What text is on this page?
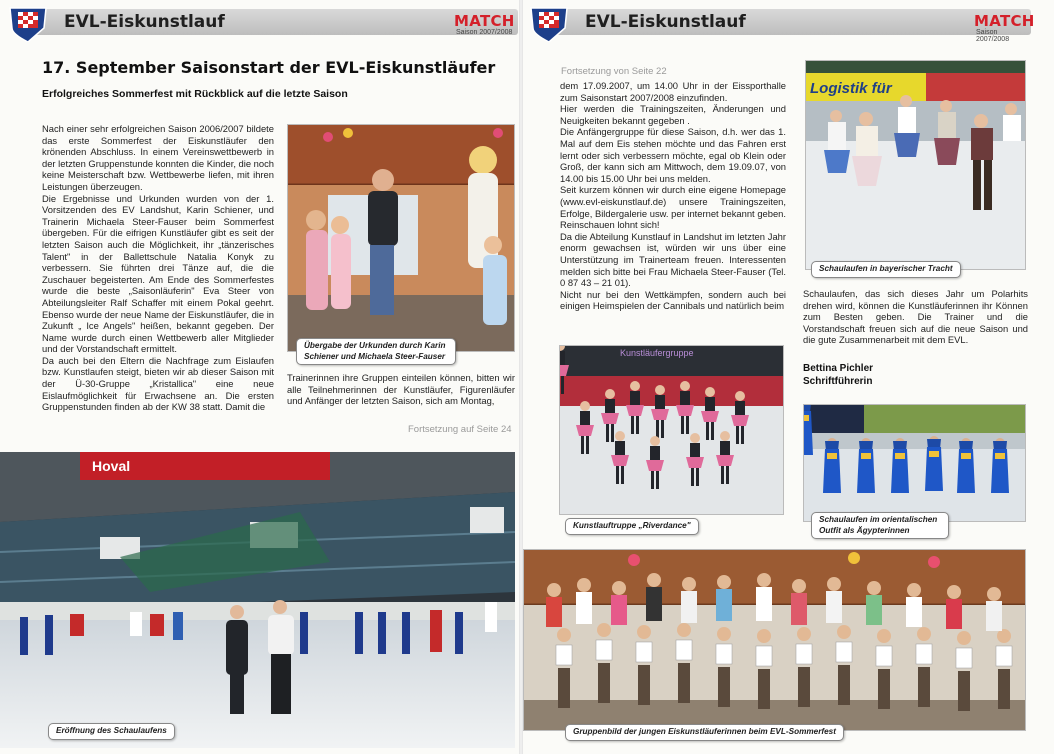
EVL-Eiskunstlauf	MATCH
Saison 2007/2008
17. September Saisonstart der EVL-Eiskunstläufer
Erfolgreiches Sommerfest mit Rückblick auf die letzte Saison
Nach einer sehr erfolgreichen Saison 2006/2007 bildete das erste Sommerfest der Eiskunstläufer den krönenden Abschluss. In einem Vereinswettbewerb in der letzten Gruppenstunde konnten die Kinder, die noch keine Meisterschaft bzw. Wettbewerbe liefen, mit ihren Leistungen überzeugen.
Die Ergebnisse und Urkunden wurden von der 1. Vorsitzenden des EV Landshut, Karin Schiener, und Trainerin Michaela Steer-Fauser beim Sommerfest übergeben. Für die eifrigen Kunstläufer gibt es seit der letzten Saison auch die Möglichkeit, ihr „tänzerisches Talent" in der Ballettschule Natalia Konyk zu verbessern. Sie führten drei Tänze auf, die die Zuschauer begeisterten. Am Ende des Sommerfestes wurde die beste „Saisonläuferin" Eva Steer von Abteilungsleiter Ralf Schaffer mit einem Pokal geehrt. Ebenso wurde der neue Name der Eiskunstläufer, die in Zukunft „ Ice Angels" heißen, bekannt gegeben. Der Name wurde durch einen Wettbewerb aller Mitglieder und der Vorstandschaft ermittelt.
Da auch bei den Eltern die Nachfrage zum Eislaufen bzw. Kunstlaufen steigt, bieten wir ab dieser Saison mit der Ü-30-Gruppe „Kristallica" eine neue Eislaufmöglichkeit für Erwachsene an. Die ersten Gruppenstunden finden ab der KW 38 statt. Damit die
Übergabe der Urkunden durch Karin Schiener und Michaela Steer-Fauser
Trainerinnen ihre Gruppen einteilen können, bitten wir alle Teilnehmerinnen der Kunstläufer, Figurenläufer und Anfänger der letzten Saison, sich am Montag,
Fortsetzung auf Seite 24
Hoval
Eröffnung des Schaulaufens
EVL-Eiskunstlauf	MATCH
Saison 2007/2008
Fortsetzung von Seite 22
dem 17.09.2007, um 14.00 Uhr in der Eissporthalle zum Saisonstart 2007/2008 einzufinden.
Hier werden die Trainingszeiten, Änderungen und Neuigkeiten bekannt gegeben .
Die Anfängergruppe für diese Saison, d.h. wer das 1. Mal auf dem Eis stehen möchte und das Fahren erst lernt oder sich verbessern möchte, egal ob Klein oder Groß, der kann sich am Mittwoch, dem 19.09.07, von 14.00 bis 15.00 Uhr bei uns melden.
Seit kurzem können wir durch eine eigene Homepage (www.evl-eiskunstlauf.de) unsere Trainingszeiten, Erfolge, Bildergalerie usw. per internet bekannt geben. Reinschauen lohnt sich!
Da die Abteilung Kunstlauf in Landshut im letzten Jahr enorm gewachsen ist, würden wir uns über eine Unterstützung im Trainerteam freuen. Interessenten melden sich bitte bei Frau Michaela Steer-Fauser (Tel. 0 87 43 – 21 01).
Nicht nur bei den Wettkämpfen, sondern auch bei einigen Heimspielen der Cannibals und natürlich beim
Logistik für
Schaulaufen in bayerischer Tracht
Schaulaufen, das sich dieses Jahr um Polarhits drehen wird, können die Kunstläuferinnen ihr Können zum Besten geben. Die Trainer und die Vorstandschaft freuen sich auf die neue Saison und die gute Zusammenarbeit mit dem EVL.
Bettina Pichler
Schriftführerin
Kunstläufergruppe
Kunstlauftruppe „Riverdance"
Schaulaufen im orientalischen Outfit als Ägypterinnen
Gruppenbild der jungen Eiskunstläuferinnen beim EVL-Sommerfest
